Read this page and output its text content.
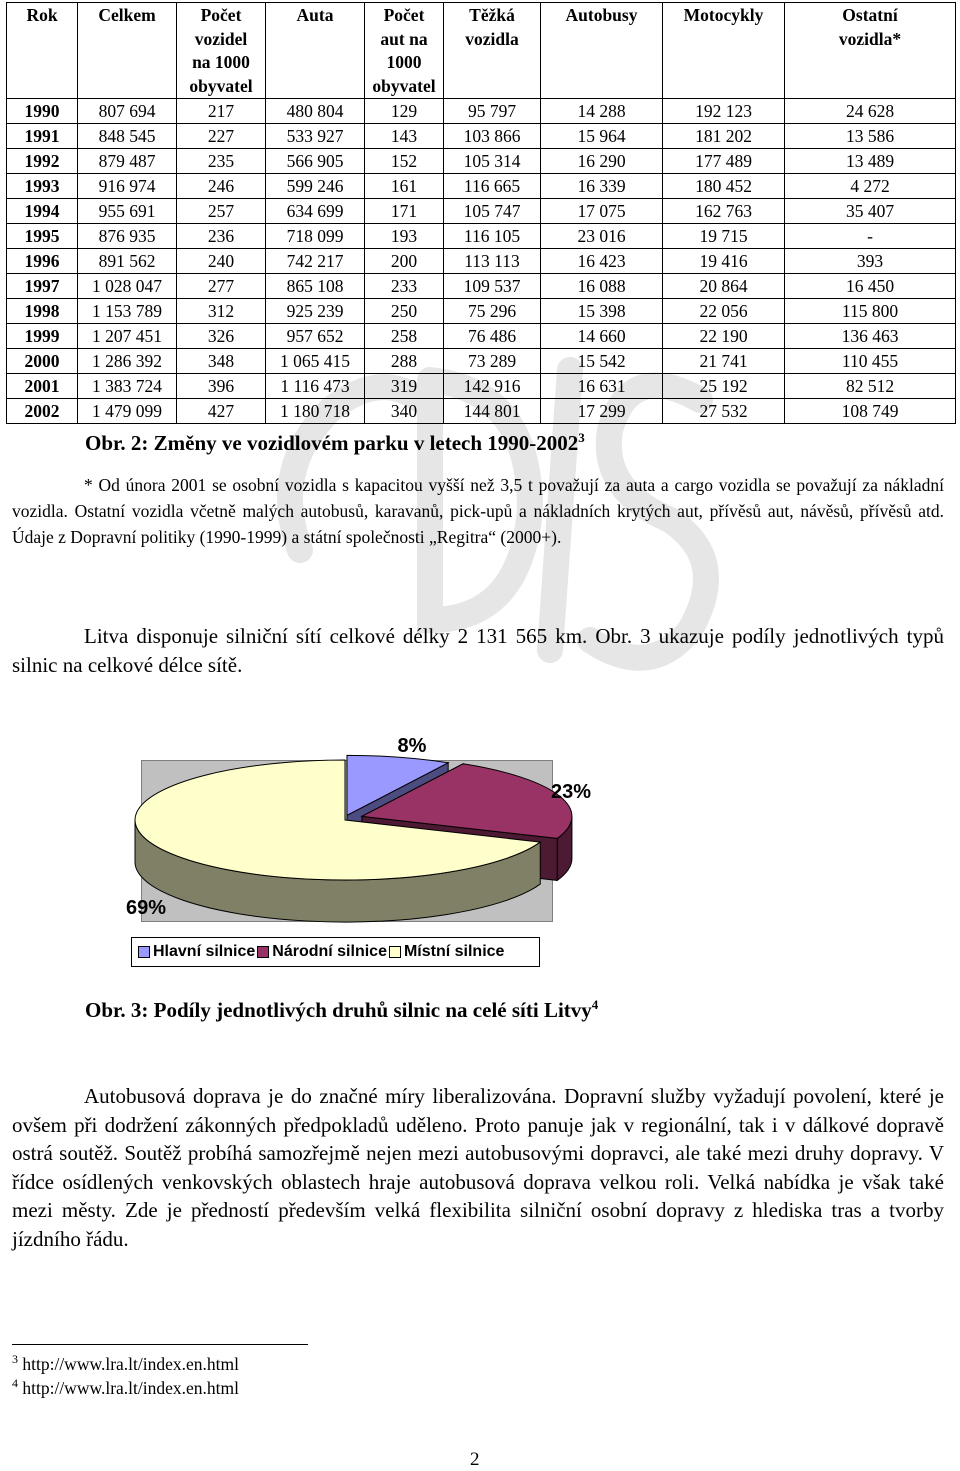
Rok	Celkem	Počet
vozidel
na 1000
obyvatel	Auta	Počet
aut na
1000
obyvatel	Těžká
vozidla	Autobusy	Motocykly	Ostatní
vozidla*
1990	807 694	217	480 804	129	95 797	14 288	192 123	24 628
1991	848 545	227	533 927	143	103 866	15 964	181 202	13 586
1992	879 487	235	566 905	152	105 314	16 290	177 489	13 489
1993	916 974	246	599 246	161	116 665	16 339	180 452	4 272
1994	955 691	257	634 699	171	105 747	17 075	162 763	35 407
1995	876 935	236	718 099	193	116 105	23 016	19 715	-
1996	891 562	240	742 217	200	113 113	16 423	19 416	393
1997	1 028 047	277	865 108	233	109 537	16 088	20 864	16 450
1998	1 153 789	312	925 239	250	75 296	15 398	22 056	115 800
1999	1 207 451	326	957 652	258	76 486	14 660	22 190	136 463
2000	1 286 392	348	1 065 415	288	73 289	15 542	21 741	110 455
2001	1 383 724	396	1 116 473	319	142 916	16 631	25 192	82 512
2002	1 479 099	427	1 180 718	340	144 801	17 299	27 532	108 749
Obr. 2: Změny ve vozidlovém parku v letech 1990-2002$^3$
* Od února 2001 se osobní vozidla s kapacitou vyšší než 3,5 t považují za auta a cargo vozidla se považují za nákladní vozidla. Ostatní vozidla včetně malých autobusů, karavanů, pick-upů a nákladních krytých aut, přívěsů aut, návěsů, přívěsů atd. Údaje z Dopravní politiky (1990-1999) a státní společnosti „Regitra“ (2000+).
Litva disponuje silniční sítí celkové délky 2 131 565 km. Obr. 3 ukazuje podíly jednotlivých typů silnic na celkové délce sítě.
8%
23%
69%
Hlavní silnice Národní silnice Místní silnice
Obr. 3: Podíly jednotlivých druhů silnic na celé síti Litvy$^4$
Autobusová doprava je do značné míry liberalizována. Dopravní služby vyžadují povolení, které je ovšem při dodržení zákonných předpokladů uděleno. Proto panuje jak v regionální, tak i v dálkové dopravě ostrá soutěž. Soutěž probíhá samozřejmě nejen mezi autobusovými dopravci, ale také mezi druhy dopravy. V řídce osídlených venkovských oblastech hraje autobusová doprava velkou roli. Velká nabídka je však také mezi městy. Zde je předností především velká flexibilita silniční osobní dopravy z hlediska tras a tvorby jízdního řádu.
$^3$ http://www.lra.lt/index.en.html
$^4$ http://www.lra.lt/index.en.html
2
